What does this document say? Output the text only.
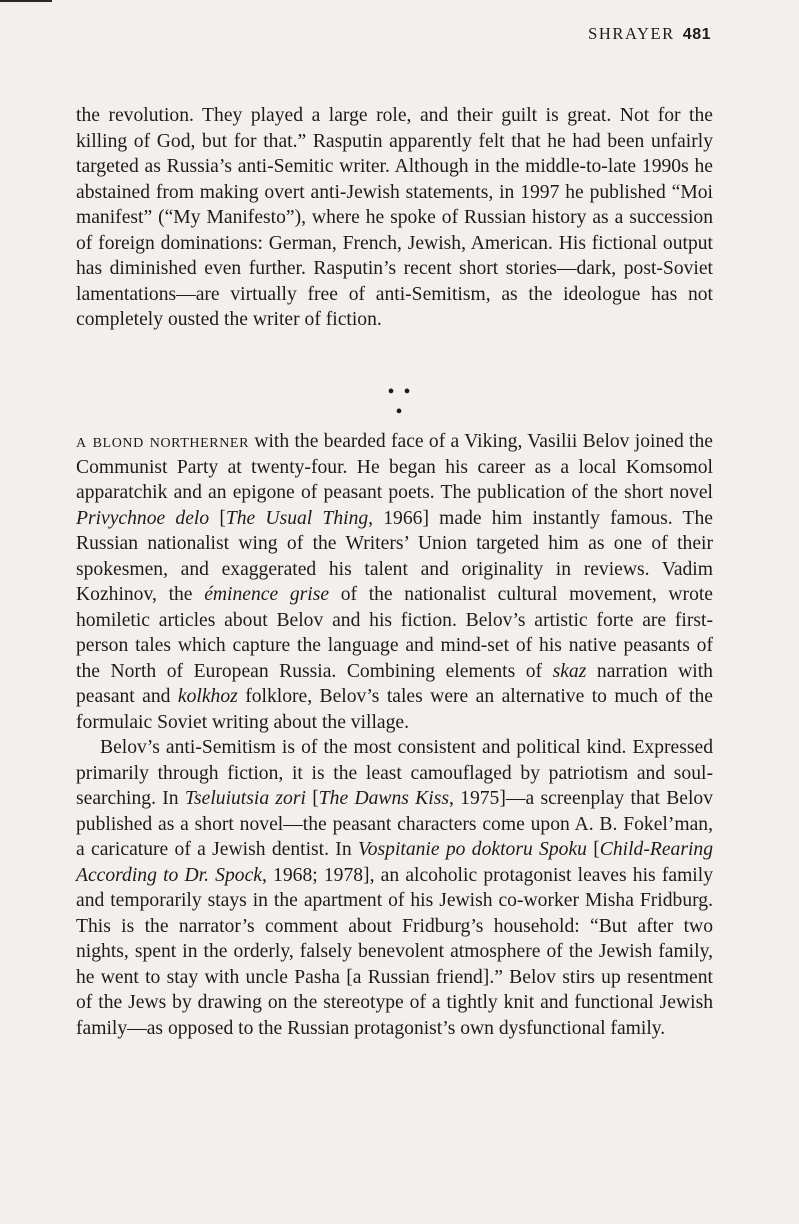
SHRAYER 481

the revolution. They played a large role, and their guilt is great. Not for the killing of God, but for that.” Rasputin apparently felt that he had been unfairly targeted as Russia’s anti-Semitic writer. Although in the middle-to-late 1990s he abstained from making overt anti-Jewish statements, in 1997 he published “Moi manifest” (“My Manifesto”), where he spoke of Russian history as a succession of foreign dominations: German, French, Jewish, American. His fictional output has diminished even further. Rasputin’s recent short stories—dark, post-Soviet lamentations—are virtually free of anti-Semitism, as the ideologue has not completely ousted the writer of fiction.

• • •

a blond northerner with the bearded face of a Viking, Vasilii Belov joined the Communist Party at twenty-four. He began his career as a local Komsomol apparatchik and an epigone of peasant poets. The publication of the short novel Privychnoe delo [The Usual Thing, 1966] made him instantly famous. The Russian nationalist wing of the Writers’ Union targeted him as one of their spokesmen, and exaggerated his talent and originality in reviews. Vadim Kozhinov, the éminence grise of the nationalist cultural movement, wrote homiletic articles about Belov and his fiction. Belov’s artistic forte are first-person tales which capture the language and mind-set of his native peasants of the North of European Russia. Combining elements of skaz narration with peasant and kolkhoz folklore, Belov’s tales were an alternative to much of the formulaic Soviet writing about the village.

Belov’s anti-Semitism is of the most consistent and political kind. Expressed primarily through fiction, it is the least camouflaged by patriotism and soul-searching. In Tseluiutsia zori [The Dawns Kiss, 1975]—a screenplay that Belov published as a short novel—the peasant characters come upon A. B. Fokel’man, a caricature of a Jewish dentist. In Vospitanie po doktoru Spoku [Child-Rearing According to Dr. Spock, 1968; 1978], an alcoholic protagonist leaves his family and temporarily stays in the apartment of his Jewish co-worker Misha Fridburg. This is the narrator’s comment about Fridburg’s household: “But after two nights, spent in the orderly, falsely benevolent atmosphere of the Jewish family, he went to stay with uncle Pasha [a Russian friend].” Belov stirs up resentment of the Jews by drawing on the stereotype of a tightly knit and functional Jewish family—as opposed to the Russian protagonist’s own dysfunctional family.
